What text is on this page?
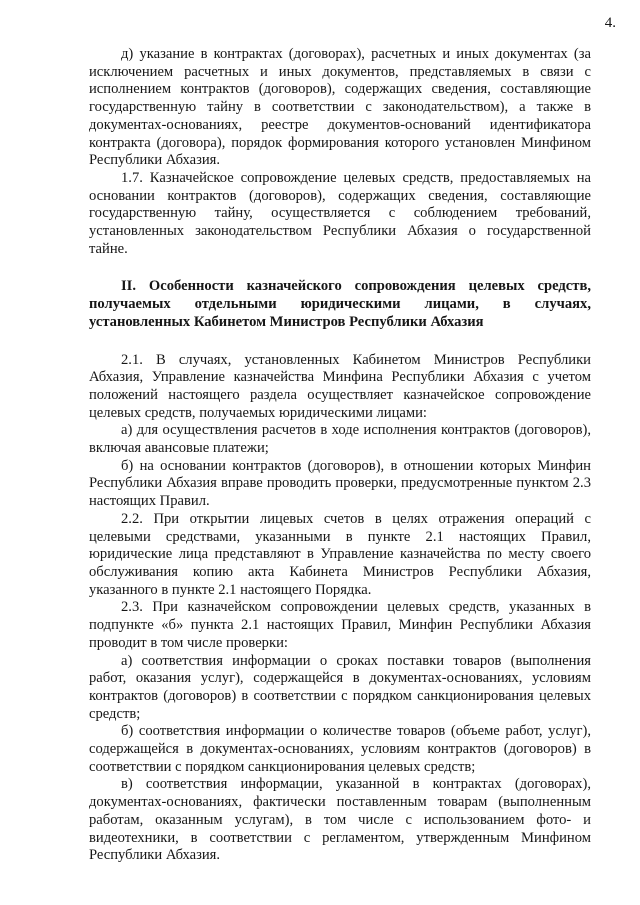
4.

д) указание в контрактах (договорах), расчетных и иных документах (за исключением расчетных и иных документов, представляемых в связи с исполнением контрактов (договоров), содержащих сведения, составляющие государственную тайну в соответствии с законодательством), а также в документах-основаниях, реестре документов-оснований идентификатора контракта (договора), порядок формирования которого установлен Минфином Республики Абхазия.

1.7. Казначейское сопровождение целевых средств, предоставляемых на основании контрактов (договоров), содержащих сведения, составляющие государственную тайну, осуществляется с соблюдением требований, установленных законодательством Республики Абхазия о государственной тайне.

II. Особенности казначейского сопровождения целевых средств, получаемых отдельными юридическими лицами, в случаях, установленных Кабинетом Министров Республики Абхазия

2.1. В случаях, установленных Кабинетом Министров Республики Абхазия, Управление казначейства Минфина Республики Абхазия с учетом положений настоящего раздела осуществляет казначейское сопровождение целевых средств, получаемых юридическими лицами:

а) для осуществления расчетов в ходе исполнения контрактов (договоров), включая авансовые платежи;

б) на основании контрактов (договоров), в отношении которых Минфин Республики Абхазия вправе проводить проверки, предусмотренные пунктом 2.3 настоящих Правил.

2.2. При открытии лицевых счетов в целях отражения операций с целевыми средствами, указанными в пункте 2.1 настоящих Правил, юридические лица представляют в Управление казначейства по месту своего обслуживания копию акта Кабинета Министров Республики Абхазия, указанного в пункте 2.1 настоящего Порядка.

2.3. При казначейском сопровождении целевых средств, указанных в подпункте «б» пункта 2.1 настоящих Правил, Минфин Республики Абхазия проводит в том числе проверки:

а) соответствия информации о сроках поставки товаров (выполнения работ, оказания услуг), содержащейся в документах-основаниях, условиям контрактов (договоров) в соответствии с порядком санкционирования целевых средств;

б) соответствия информации о количестве товаров (объеме работ, услуг), содержащейся в документах-основаниях, условиям контрактов (договоров) в соответствии с порядком санкционирования целевых средств;

в) соответствия информации, указанной в контрактах (договорах), документах-основаниях, фактически поставленным товарам (выполненным работам, оказанным услугам), в том числе с использованием фото- и видеотехники, в соответствии с регламентом, утвержденным Минфином Республики Абхазия.
